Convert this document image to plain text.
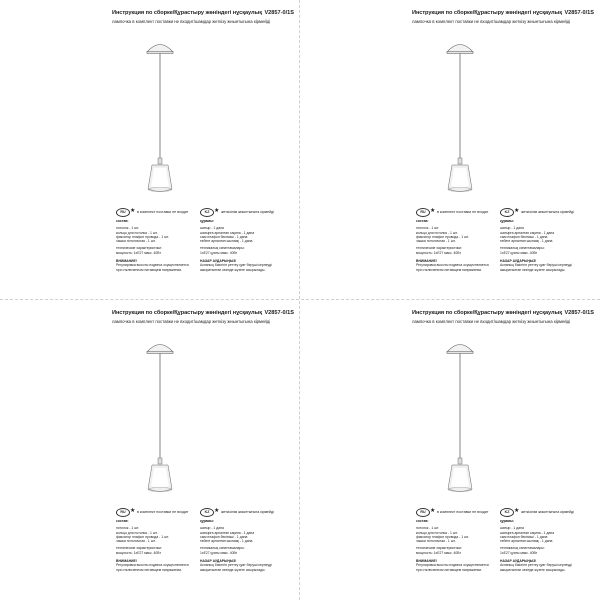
Инструкция по сборке/Құрастыру жөніндегі нұсқаулық V2857-0/1S
лампочка в комплект поставки не входит/шамдар жеткізу жиынтығына кірмейді
RU ★ в комплект поставки не входит
состав:
потолок - 1 шт.
кольцо для потолка - 1 шт.
фиксатор плафон провода - 1 шт.
чашка потолочная - 1 шт.
технические характеристики:
мощность: 1хE27 макс. 40Вт
ВНИМАНИЕ!
Регулировка высоты подвеса осуществляется
при отключенном питающем напряжении.
KZ ★ жеткізілім жиынтығына кірмейді
құрамы:
шатыр - 1 дана
шатырға арналған сақина - 1 дана
сым плафон бекіткіші - 1 дана
төбеге арналған шынаяқ - 1 дана
техникалық сипаттамалары:
1хE27 қуаты макс. 40Вт
НАЗАР АУДАРЫҢЫЗ!
Аспаның биіктігін реттеу қуат беруші кернеуді
ажыратылған кезінде жүзеге асырылады.
Инструкция по сборке/Құрастыру жөніндегі нұсқаулық V2857-0/1S
лампочка в комплект поставки не входит/шамдар жеткізу жиынтығына кірмейді
RU ★ в комплект поставки не входит
состав:
потолок - 1 шт.
кольцо для потолка - 1 шт.
фиксатор плафон провода - 1 шт.
чашка потолочная - 1 шт.
технические характеристики:
мощность: 1хE27 макс. 40Вт
ВНИМАНИЕ!
Регулировка высоты подвеса осуществляется
при отключенном питающем напряжении.
KZ ★ жеткізілім жиынтығына кірмейді
құрамы:
шатыр - 1 дана
шатырға арналған сақина - 1 дана
сым плафон бекіткіші - 1 дана
төбеге арналған шынаяқ - 1 дана
техникалық сипаттамалары:
1хE27 қуаты макс. 40Вт
НАЗАР АУДАРЫҢЫЗ!
Аспаның биіктігін реттеу қуат беруші кернеуді
ажыратылған кезінде жүзеге асырылады.
Инструкция по сборке/Құрастыру жөніндегі нұсқаулық V2857-0/1S
лампочка в комплект поставки не входит/шамдар жеткізу жиынтығына кірмейді
RU ★ в комплект поставки не входит
состав:
потолок - 1 шт.
кольцо для потолка - 1 шт.
фиксатор плафон провода - 1 шт.
чашка потолочная - 1 шт.
технические характеристики:
мощность: 1хE27 макс. 40Вт
ВНИМАНИЕ!
Регулировка высоты подвеса осуществляется
при отключенном питающем напряжении.
KZ ★ жеткізілім жиынтығына кірмейді
құрамы:
шатыр - 1 дана
шатырға арналған сақина - 1 дана
сым плафон бекіткіші - 1 дана
төбеге арналған шынаяқ - 1 дана
техникалық сипаттамалары:
1хE27 қуаты макс. 40Вт
НАЗАР АУДАРЫҢЫЗ!
Аспаның биіктігін реттеу қуат беруші кернеуді
ажыратылған кезінде жүзеге асырылады.
Инструкция по сборке/Құрастыру жөніндегі нұсқаулық V2857-0/1S
лампочка в комплект поставки не входит/шамдар жеткізу жиынтығына кірмейді
RU ★ в комплект поставки не входит
состав:
потолок - 1 шт.
кольцо для потолка - 1 шт.
фиксатор плафон провода - 1 шт.
чашка потолочная - 1 шт.
технические характеристики:
мощность: 1хE27 макс. 40Вт
ВНИМАНИЕ!
Регулировка высоты подвеса осуществляется
при отключенном питающем напряжении.
KZ ★ жеткізілім жиынтығына кірмейді
құрамы:
шатыр - 1 дана
шатырға арналған сақина - 1 дана
сым плафон бекіткіші - 1 дана
төбеге арналған шынаяқ - 1 дана
техникалық сипаттамалары:
1хE27 қуаты макс. 40Вт
НАЗАР АУДАРЫҢЫЗ!
Аспаның биіктігін реттеу қуат беруші кернеуді
ажыратылған кезінде жүзеге асырылады.
